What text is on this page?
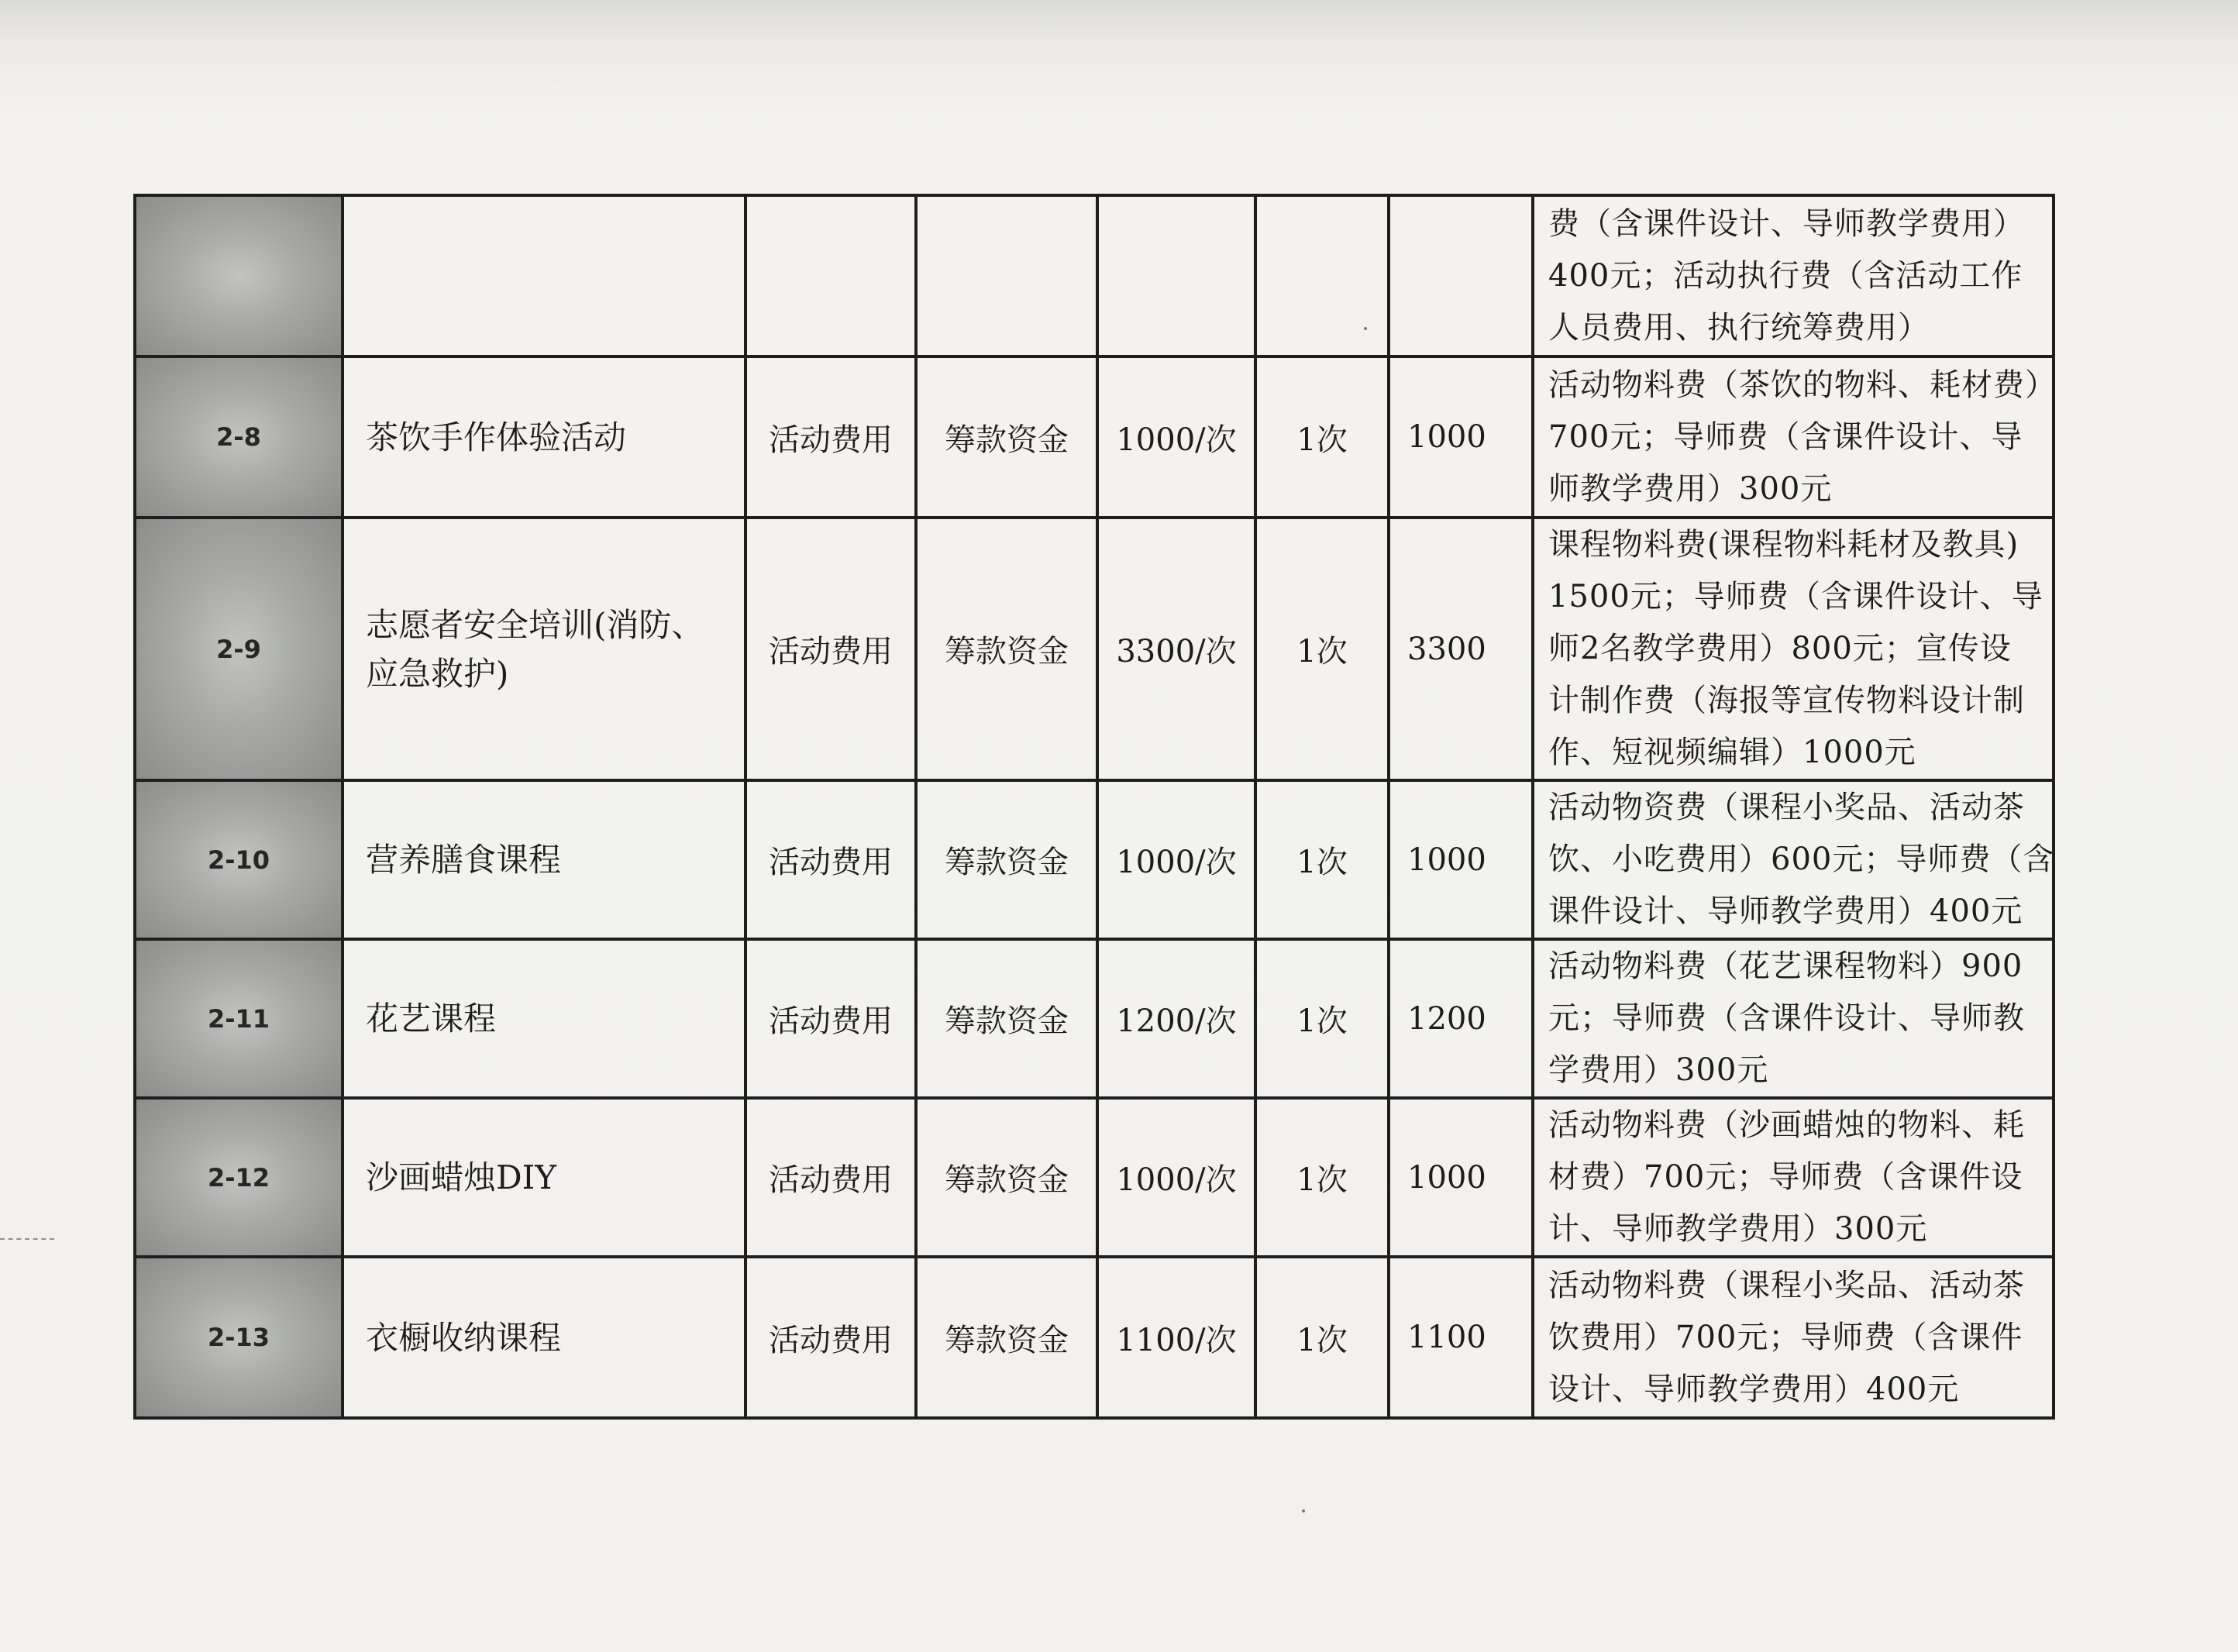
							费（含课件设计、导师教学费用）
400元；活动执行费（含活动工作
人员费用、执行统筹费用）

2-8	茶饮手作体验活动	活动费用	筹款资金	1000/次	1次	1000	活动物料费（茶饮的物料、耗材费）
700元；导师费（含课件设计、导
师教学费用）300元

2-9	志愿者安全培训(消防、应急救护)	活动费用	筹款资金	3300/次	1次	3300	课程物料费(课程物料耗材及教具)
1500元；导师费（含课件设计、导
师2名教学费用）800元；宣传设
计制作费（海报等宣传物料设计制
作、短视频编辑）1000元

2-10	营养膳食课程	活动费用	筹款资金	1000/次	1次	1000	活动物资费（课程小奖品、活动茶
饮、小吃费用）600元；导师费（含
课件设计、导师教学费用）400元

2-11	花艺课程	活动费用	筹款资金	1200/次	1次	1200	活动物料费（花艺课程物料）900
元；导师费（含课件设计、导师教
学费用）300元

2-12	沙画蜡烛DIY	活动费用	筹款资金	1000/次	1次	1000	活动物料费（沙画蜡烛的物料、耗
材费）700元；导师费（含课件设
计、导师教学费用）300元

2-13	衣橱收纳课程	活动费用	筹款资金	1100/次	1次	1100	活动物料费（课程小奖品、活动茶
饮费用）700元；导师费（含课件
设计、导师教学费用）400元
